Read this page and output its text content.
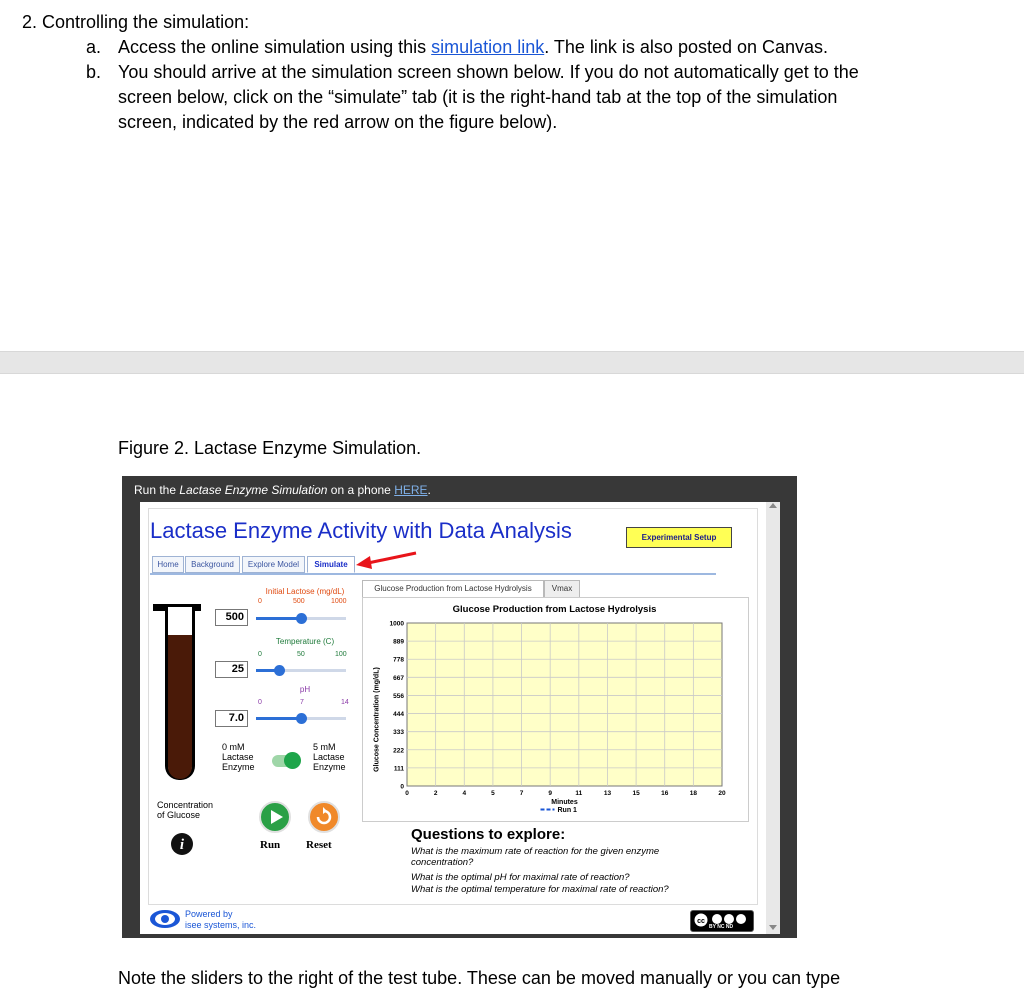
2. Controlling the simulation:
a. Access the online simulation using this simulation link. The link is also posted on Canvas.
b. You should arrive at the simulation screen shown below. If you do not automatically get to the
screen below, click on the “simulate” tab (it is the right-hand tab at the top of the simulation
screen, indicated by the red arrow on the figure below).
Figure 2. Lactase Enzyme Simulation.
Run the Lactase Enzyme Simulation on a phone HERE.
Lactase Enzyme Activity with Data Analysis	Experimental Setup
Home	Background	Explore Model	Simulate
Initial Lactose (mg/dL)
0	500	1000
500
Temperature (C)
0	50	100
25
pH
0	7	14
7.0
0 mM
Lactase
Enzyme
5 mM
Lactase
Enzyme
Concentration
of Glucose
i	Run Reset
Glucose Production from Lactose Hydrolysis	Vmax
Glucose Production from Lactose Hydrolysis
Glucose Concentration (mg/dL)
0	2	4	5	7	9	11	13	15	16	18	20
0
111
222
333
444
556
667
778
889
1000
Minutes
Run 1
Questions to explore:
What is the maximum rate of reaction for the given enzyme
concentration?
What is the optimal pH for maximal rate of reaction?
What is the optimal temperature for maximal rate of reaction?
Powered by
isee systems, inc.	cc
BY NC ND
Note the sliders to the right of the test tube. These can be moved manually or you can type
